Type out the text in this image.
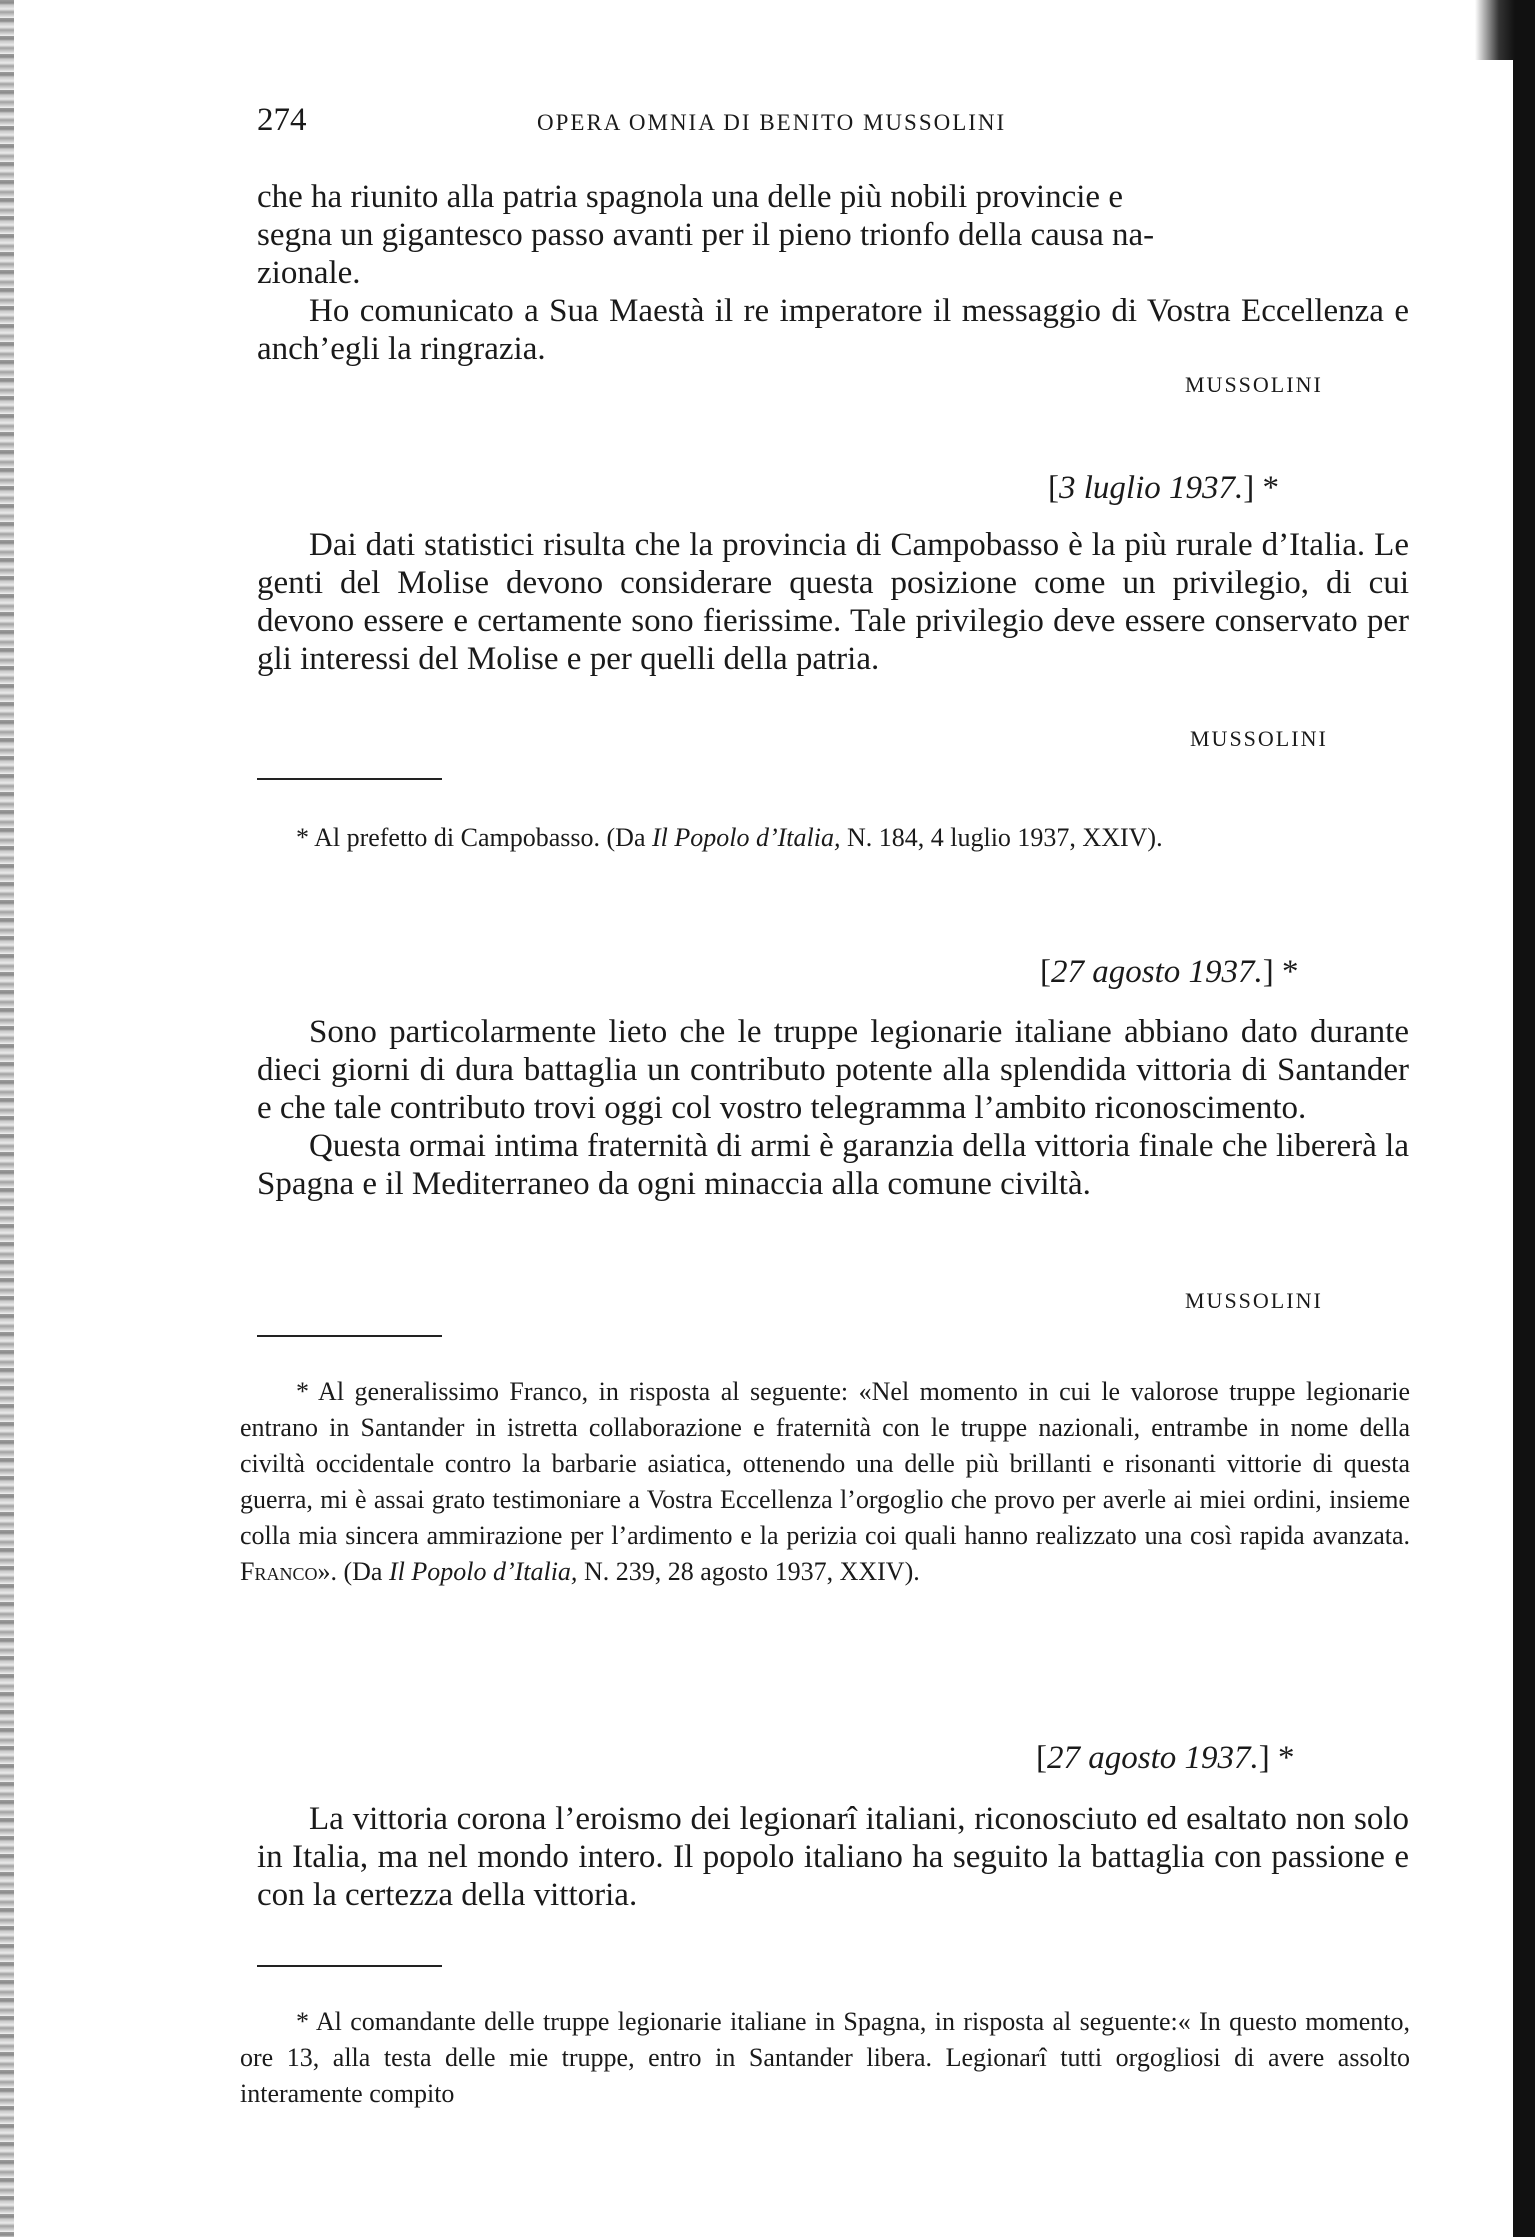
274	OPERA OMNIA DI BENITO MUSSOLINI

che ha riunito alla patria spagnola una delle più nobili provincie e

segna un gigantesco passo avanti per il pieno trionfo della causa na-

zionale.

Ho comunicato a Sua Maestà il re imperatore il messaggio di Vostra Eccellenza e anch’egli la ringrazia.

MUSSOLINI
[3 luglio 1937.] *

Dai dati statistici risulta che la provincia di Campobasso è la più rurale d’Italia. Le genti del Molise devono considerare questa posizione come un privilegio, di cui devono essere e certamente sono fierissime. Tale privilegio deve essere conservato per gli interessi del Molise e per quelli della patria.

MUSSOLINI

* Al prefetto di Campobasso. (Da Il Popolo d’Italia, N. 184, 4 luglio 1937, XXIV).

[27 agosto 1937.] *

Sono particolarmente lieto che le truppe legionarie italiane abbiano dato durante dieci giorni di dura battaglia un contributo potente alla splendida vittoria di Santander e che tale contributo trovi oggi col vostro telegramma l’ambito riconoscimento.

Questa ormai intima fraternità di armi è garanzia della vittoria finale che libererà la Spagna e il Mediterraneo da ogni minaccia alla comune civiltà.

MUSSOLINI

* Al generalissimo Franco, in risposta al seguente: «Nel momento in cui le valorose truppe legionarie entrano in Santander in istretta collaborazione e fraternità con le truppe nazionali, entrambe in nome della civiltà occidentale contro la barbarie asiatica, ottenendo una delle più brillanti e risonanti vittorie di questa guerra, mi è assai grato testimoniare a Vostra Eccellenza l’orgoglio che provo per averle ai miei ordini, insieme colla mia sincera ammirazione per l’ardimento e la perizia coi quali hanno realizzato una così rapida avanzata. Franco». (Da Il Popolo d’Italia, N. 239, 28 agosto 1937, XXIV).

[27 agosto 1937.] *

La vittoria corona l’eroismo dei legionarî italiani, riconosciuto ed esaltato non solo in Italia, ma nel mondo intero. Il popolo italiano ha seguito la battaglia con passione e con la certezza della vittoria.

* Al comandante delle truppe legionarie italiane in Spagna, in risposta al seguente:« In questo momento, ore 13, alla testa delle mie truppe, entro in Santander libera. Legionarî tutti orgogliosi di avere assolto interamente compito
